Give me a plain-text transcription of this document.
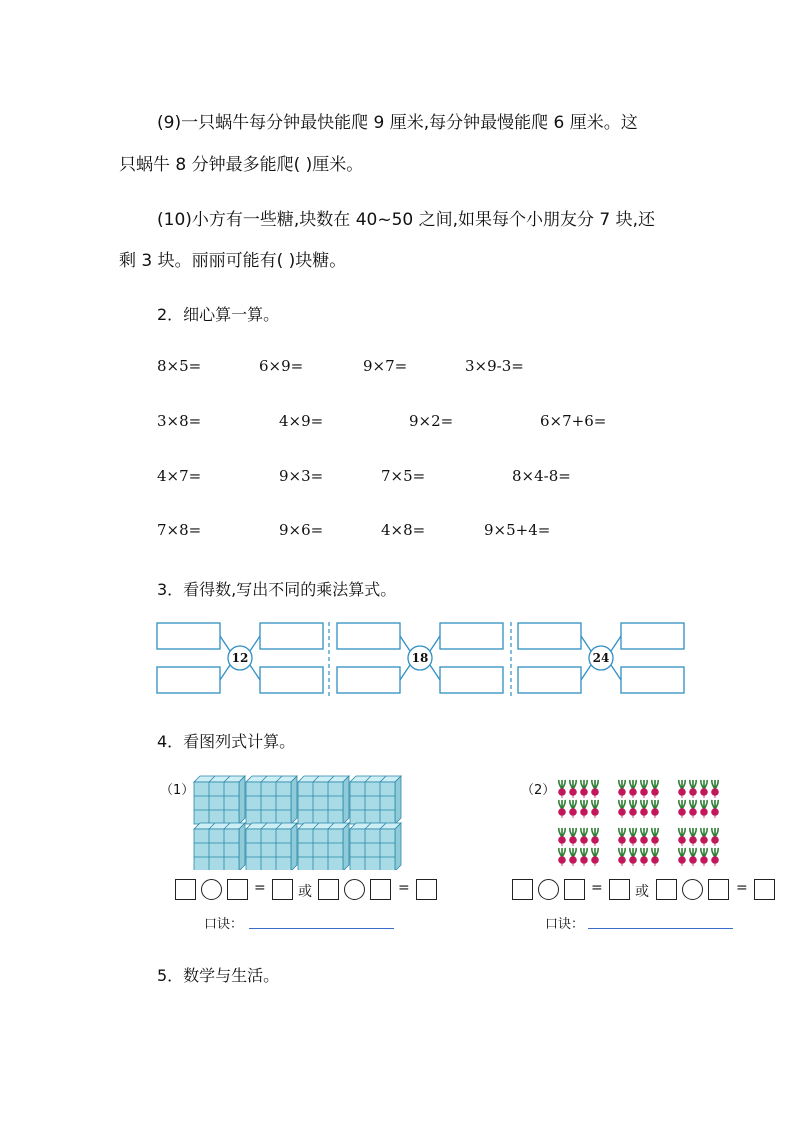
(9)一只蜗牛每分钟最快能爬 9 厘米,每分钟最慢能爬 6 厘米。这
只蜗牛 8 分钟最多能爬( )厘米。
(10)小方有一些糖,块数在 40~50 之间,如果每个小朋友分 7 块,还
剩 3 块。丽丽可能有( )块糖。
2．细心算一算。
8×5=	6×9=	9×7=	3×9-3=
3×8=	4×9=	9×2=	6×7+6=
4×7=	9×3=	7×5=	8×4-8=
7×8=	9×6=	4×8=	9×5+4=
3．看得数,写出不同的乘法算式。
12	18	24
4．看图列式计算。
（1）	（2）
= 或	=
口诀：
= 或	=
口诀：
5．数学与生活。
